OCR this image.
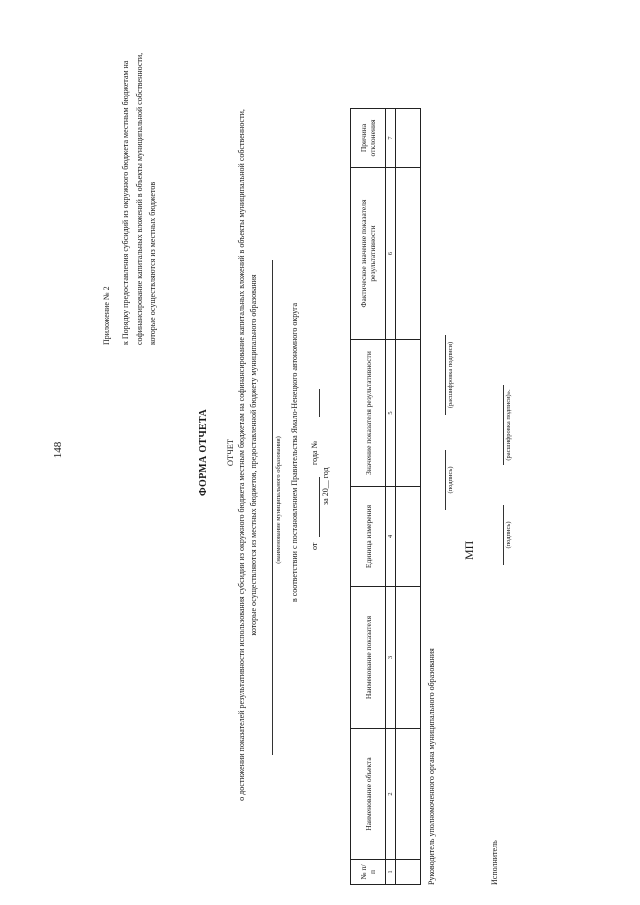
148
Приложение № 2	к Порядку предоставления субсидий из окружного бюджета местным бюджетам на софинансирование капитальных вложений в объекты муниципальной собственности, которые осуществляются из местных бюджетов
ФОРМА ОТЧЕТА ОТЧЕТ о достижении показателей результативности использования субсидии из окружного бюджета местным бюджетам на софинансирование капитальных вложений в объекты муниципальной собственности, которые осуществляются из местных бюджетов, предоставленной бюджету муниципального образования	(наименование муниципального образования) в соответствии с постановлением Правительства Ямало-Ненецкого автономного округа от
года №
за 20__ год
№ п/п	Наименование объекта	Наименование показателя	Единица измерения	Значение показателя результативности	Фактическое значение показателя результативности	Причина отклонения
1	2	3	4	5	6	7

Руководитель уполномоченного органа муниципального образования
(подпись)
(расшифровка подписи)
МП
Исполнитель
(подпись)
(расшифровка подписи)».
